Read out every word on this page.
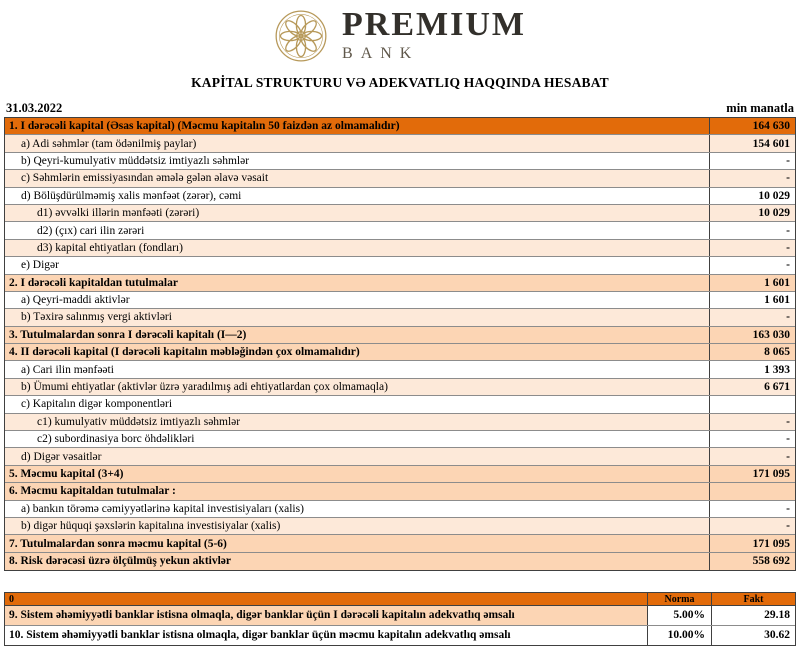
PREMIUM
BANK
KAPİTAL STRUKTURU VƏ ADEKVATLIQ HAQQINDA HESABAT
31.03.2022	min manatla
1. I dərəcəli kapital (Əsas kapital) (Məcmu kapitalın 50 faizdən az olmamalıdır)	164 630
a) Adi səhmlər (tam ödənilmiş paylar)	154 601
b) Qeyri-kumulyativ müddətsiz imtiyazlı səhmlər	-
c) Səhmlərin emissiyasından əmələ gələn əlavə vəsait	-
d) Bölüşdürülməmiş xalis mənfəət (zərər), cəmi	10 029
d1) əvvəlki illərin mənfəəti (zərəri)	10 029
d2) (çıx) cari ilin zərəri	-
d3) kapital ehtiyatları (fondları)	-
e) Digər	-
2. I dərəcəli kapitaldan tutulmalar	1 601
a) Qeyri-maddi aktivlər	1 601
b) Təxirə salınmış vergi aktivləri	-
3. Tutulmalardan sonra I dərəcəli kapitalı (I—2)	163 030
4. II dərəcəli kapital (I dərəcəli kapitalın məbləğindən çox olmamalıdır)	8 065
a) Cari ilin mənfəəti	1 393
b) Ümumi ehtiyatlar (aktivlər üzrə yaradılmış adi ehtiyatlardan çox olmamaqla)	6 671
c) Kapitalın digər komponentləri
c1) kumulyativ müddətsiz imtiyazlı səhmlər	-
c2) subordinasiya borc öhdəlikləri	-
d) Digər vəsaitlər	-
5. Məcmu kapital (3+4)	171 095
6. Məcmu kapitaldan tutulmalar :
a) bankın törəmə cəmiyyətlərinə kapital investisiyaları (xalis)	-
b) digər hüquqi şəxslərin kapitalına investisiyalar (xalis)	-
7. Tutulmalardan sonra məcmu kapital (5-6)	171 095
8. Risk dərəcəsi üzrə ölçülmüş yekun aktivlər	558 692
0	Norma	Fakt
9. Sistem əhəmiyyətli banklar istisna olmaqla, digər banklar üçün I dərəcəli kapitalın adekvatlıq əmsalı	5.00%	29.18
10. Sistem əhəmiyyətli banklar istisna olmaqla, digər banklar üçün məcmu kapitalın adekvatlıq əmsalı	10.00%	30.62
